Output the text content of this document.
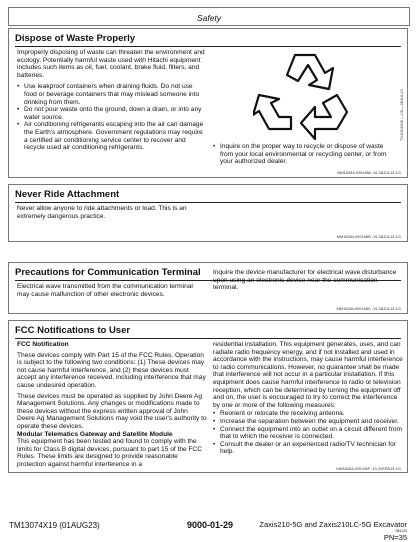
Safety
Dispose of Waste Properly

Improperly disposing of waste can threaten the environment and ecology. Potentially harmful waste used with Hitachi equipment includes such items as oil, fuel, coolant, brake fluid, filters, and batteries.

• Use leakproof containers when draining fluids. Do not use food or beverage containers that may mislead someone into drinking from them.
• Do not pour waste onto the ground, down a drain, or into any water source.
• Air conditioning refrigerants escaping into the air can damage the Earth's atmosphere. Government regulations may require a certified air conditioning service center to recover and recycle used air conditioning refrigerants.
TX1094208 —UN—28JUL13
• Inquire on the proper way to recycle or dispose of waste from your local environmental or recycling center, or from your authorized dealer.
MM16284,0001988 -19-28JUL12-1/1
Never Ride Attachment
Never allow anyone to ride attachments or load. This is an extremely dangerous practice.
MM16284,000198B -19-28JUL12-1/1
Precautions for Communication Terminal
Electrical wave transmitted from the communication terminal may cause malfunction of other electronic devices.
Inquire the device manufacturer for electrical wave disturbance upon using an electronic device near the communication terminal.
MM16284,000198C -19-28JUL12-1/1
FCC Notifications to User

FCC Notification

These devices comply with Part 15 of the FCC Rules. Operation is subject to the following two conditions: (1) These devices may not cause harmful interference, and (2) these devices must accept any interference received, including interference that may cause undesired operation.

These devices must be operated as supplied by John Deere Ag Management Solutions. Any changes or modifications made to these devices without the express written approval of John Deere Ag Management Solutions may void the user's authority to operate these devices.

Modular Telematics Gateway and Satellite Module

This equipment has been tested and found to comply with the limits for Class B digital devices, pursuant to part 15 of the FCC Rules. These limits are designed to provide reasonable protection against harmful interference in a

residential installation. This equipment generates, uses, and can radiate radio frequency energy, and if not installed and used in accordance with the instructions, may cause harmful interference to radio communications. However, no guarantee shall be made that interference will not occur in a particular installation. If this equipment does cause harmful interference to radio or television reception, which can be determined by turning the equipment off and on, the user is encouraged to try to correct the interference by one or more of the following measures:

• Reorient or relocate the receiving antenna.
• Increase the separation between the equipment and receiver.
• Connect the equipment into an outlet on a circuit different from that to which the receiver is connected.
• Consult the dealer or an experienced radio/TV technician for help.
MM16284,000198F -19-20FEB19-1/1
TM13074X19 (01AUG23)	9000-01-29	Zaxis210-5G and Zaxis210LC-5G Excavator
081123
PN=35
